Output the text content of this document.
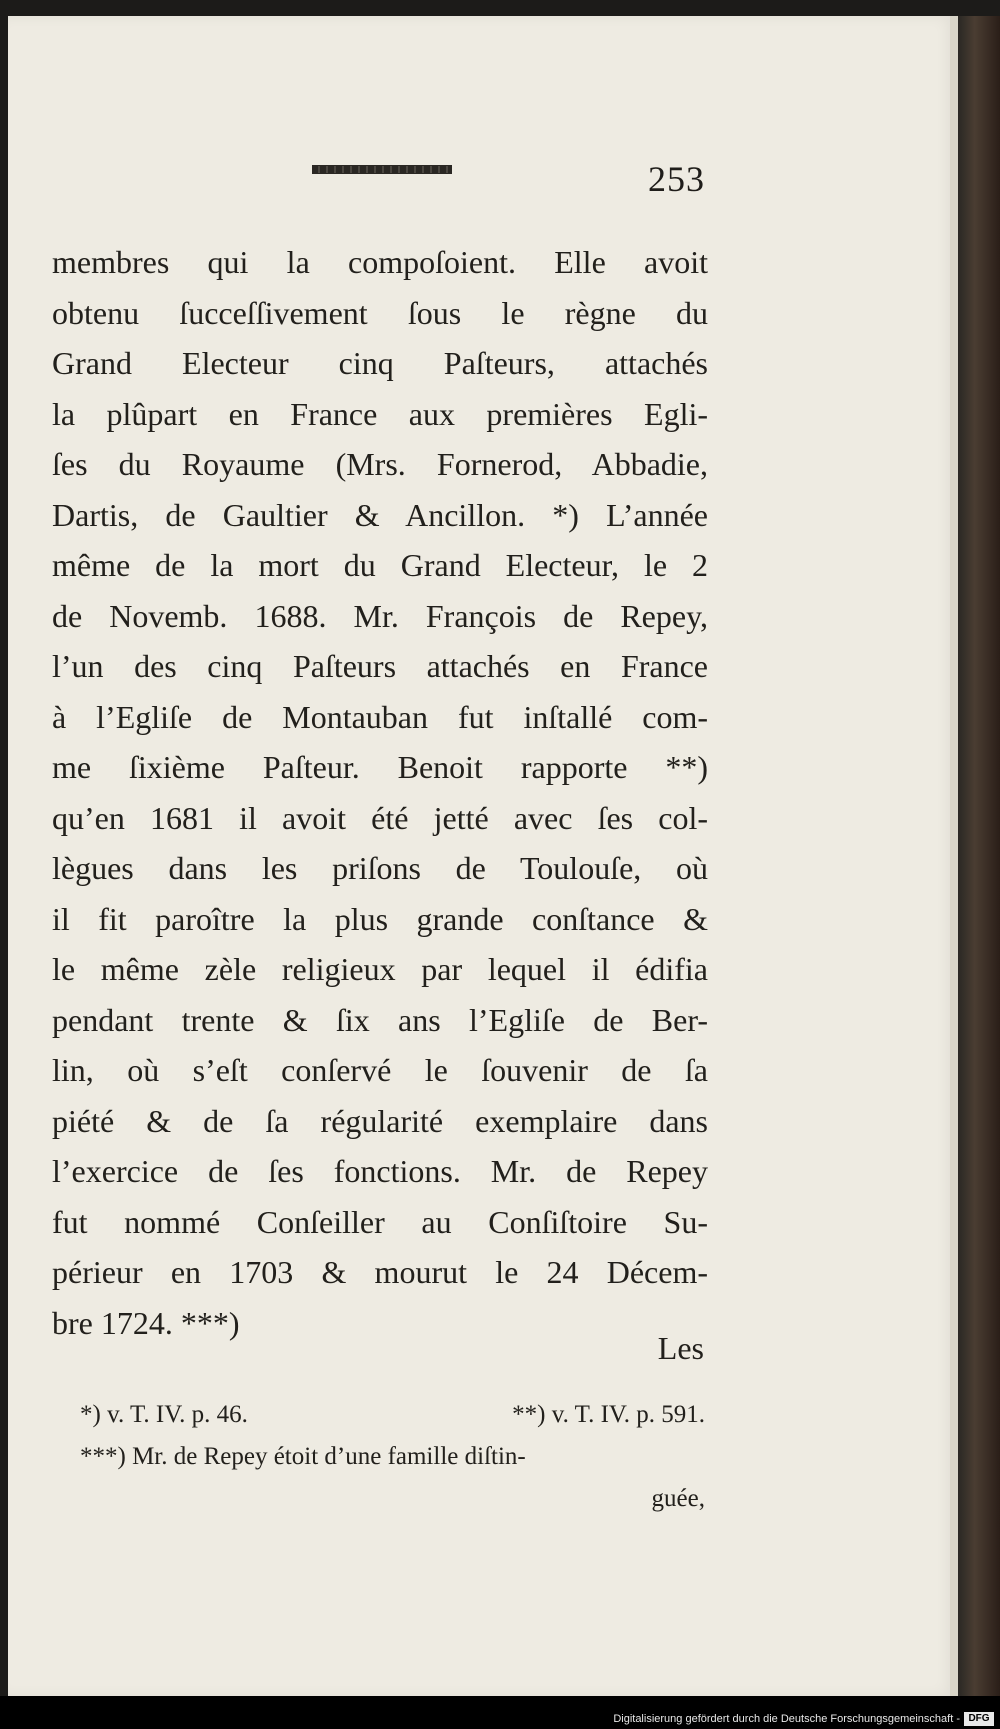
253
membres qui la compoſoient. Elle avoit
obtenu ſucceſſivement ſous le règne du
Grand Electeur cinq Paſteurs, attachés
la plûpart en France aux premières Egli-
ſes du Royaume (Mrs. Fornerod, Abbadie,
Dartis, de Gaultier & Ancillon. *) L’année
même de la mort du Grand Electeur, le 2
de Novemb. 1688. Mr. François de Repey,
l’un des cinq Paſteurs attachés en France
à l’Egliſe de Montauban fut inſtallé com-
me ſixième Paſteur. Benoit rapporte **)
qu’en 1681 il avoit été jetté avec ſes col-
lègues dans les priſons de Toulouſe, où
il fit paroître la plus grande conſtance &
le même zèle religieux par lequel il édifia
pendant trente & ſix ans l’Egliſe de Ber-
lin, où s’eſt conſervé le ſouvenir de ſa
piété & de ſa régularité exemplaire dans
l’exercice de ſes fonctions. Mr. de Repey
fut nommé Conſeiller au Conſiſtoire Su-
périeur en 1703 & mourut le 24 Décem-
bre 1724. ***)
Les
*) v. T. IV. p. 46.	**) v. T. IV. p. 591.
***) Mr. de Repey étoit d’une famille diſtin-
guée,
Digitalisierung gefördert durch die Deutsche Forschungsgemeinschaft - DFG
